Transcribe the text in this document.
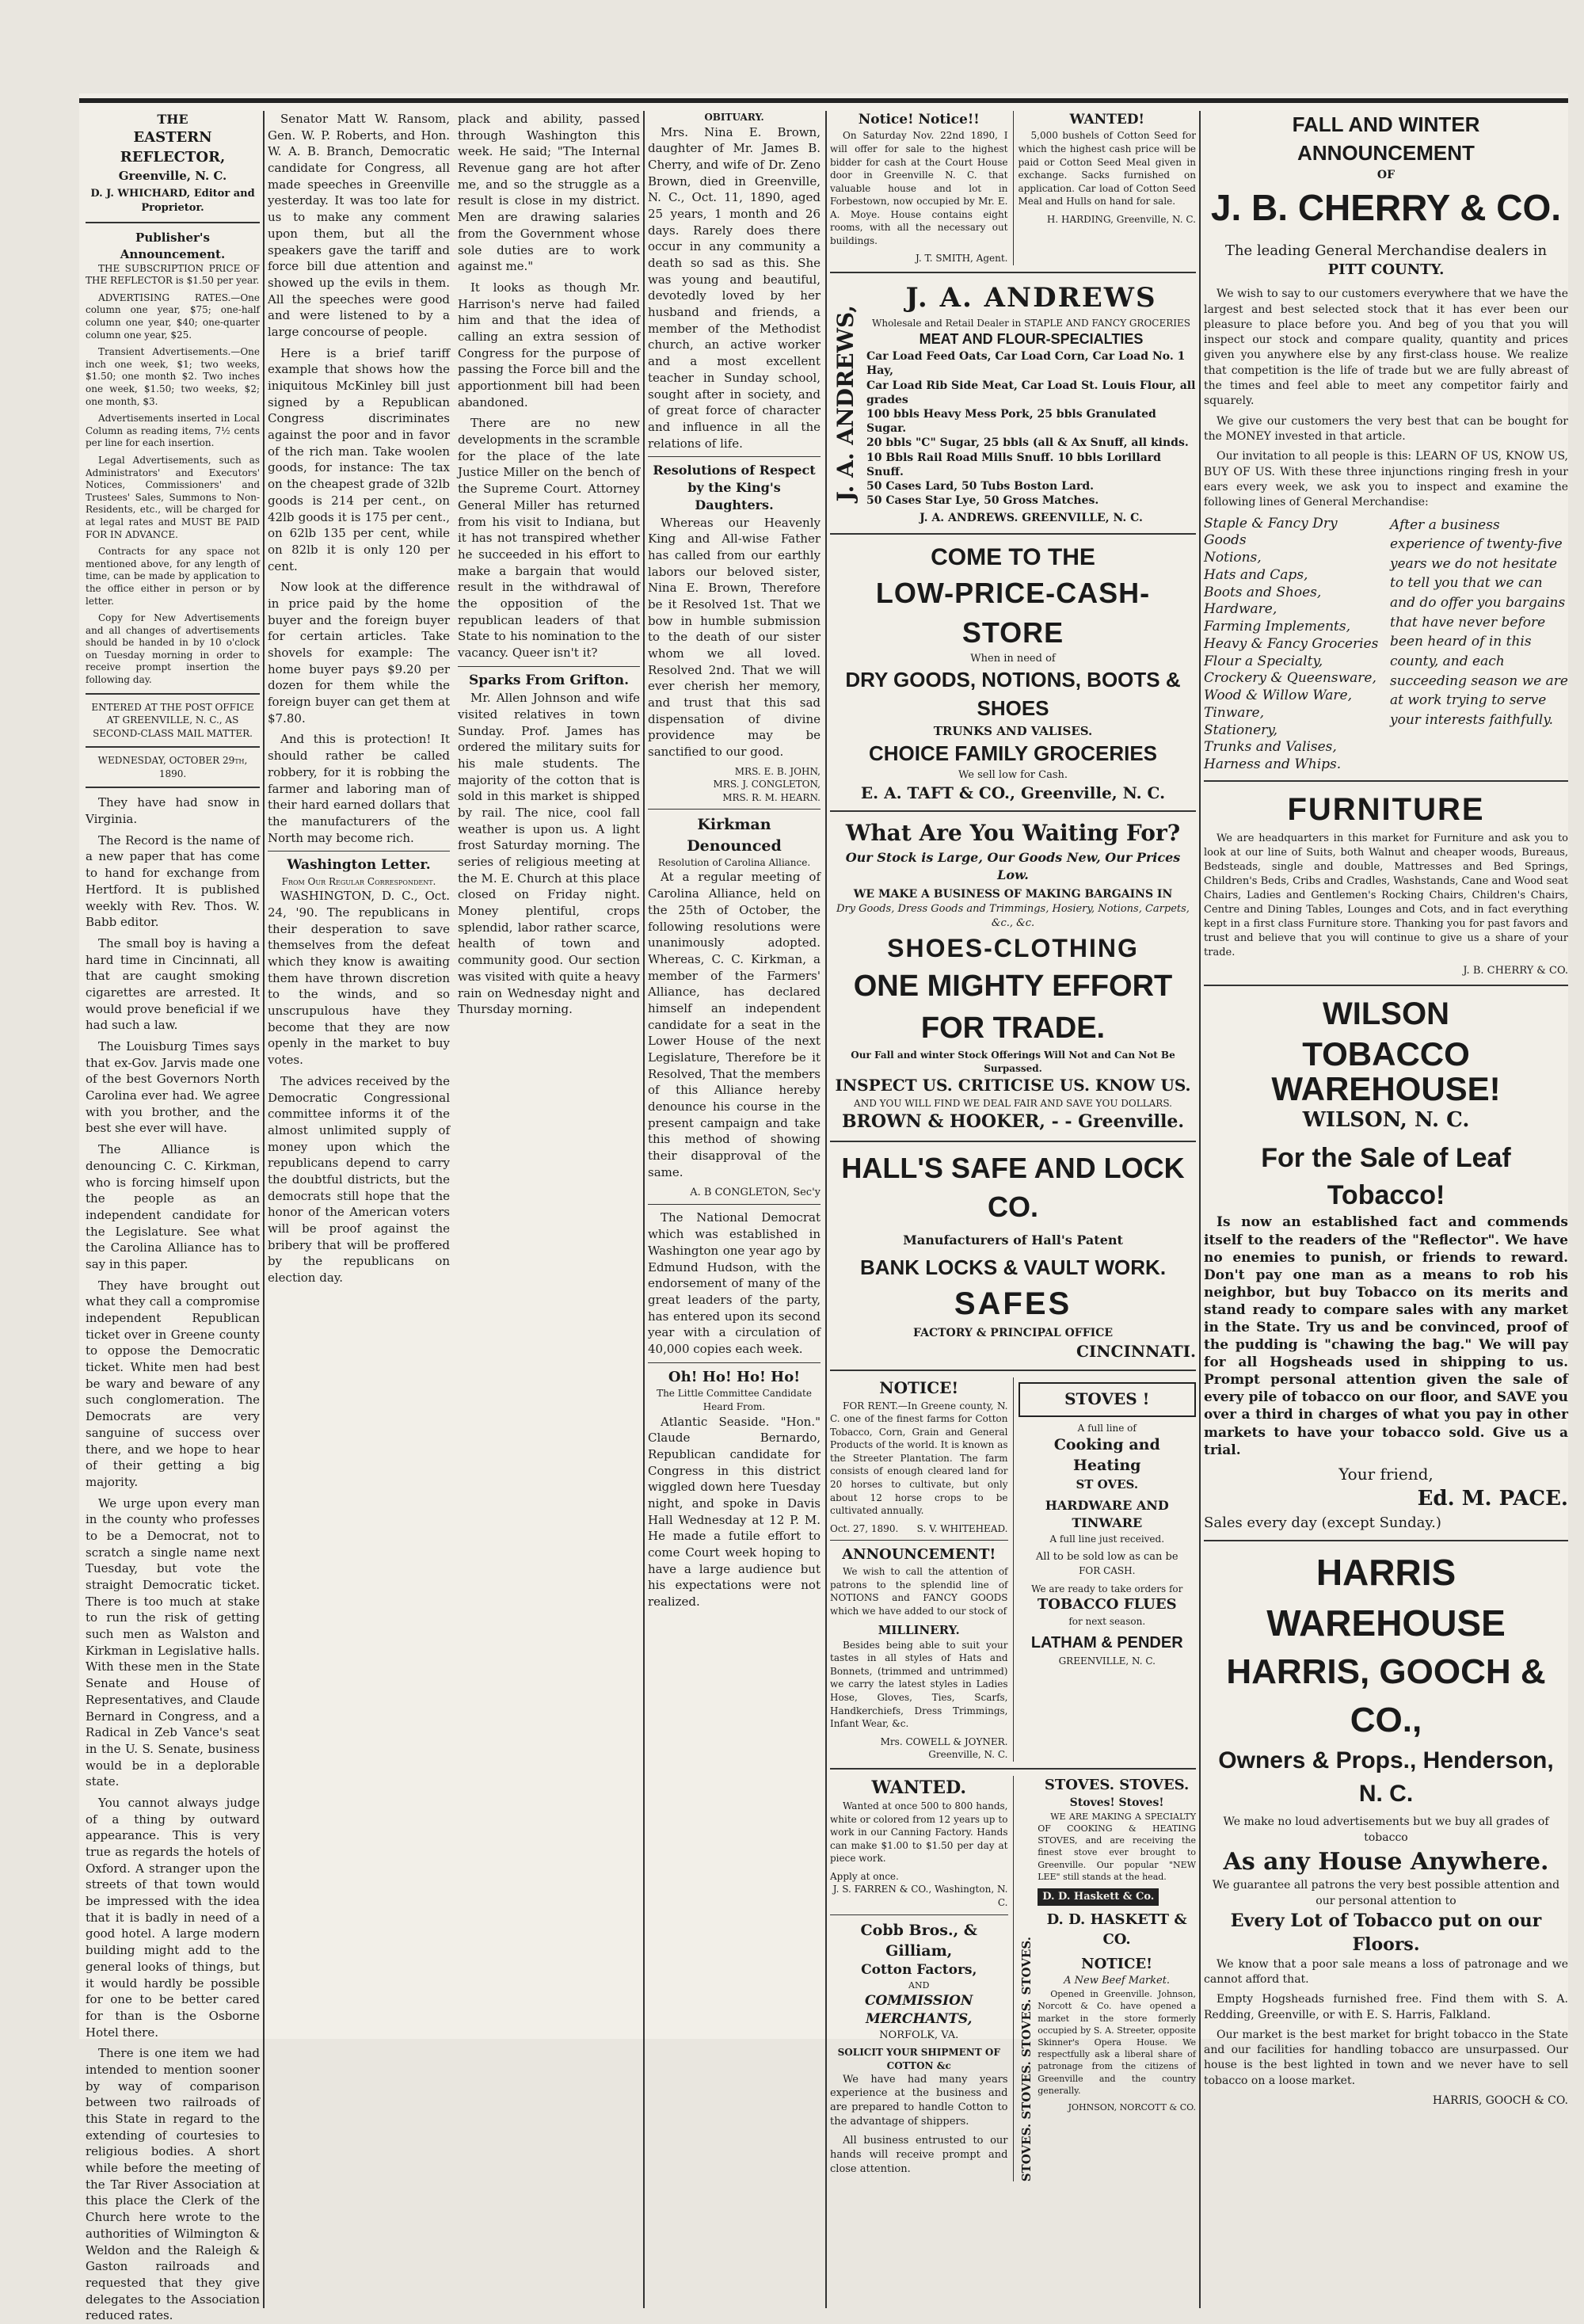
THE
EASTERN REFLECTOR,
Greenville, N. C.
D. J. WHICHARD, Editor and Proprietor.
Publisher's Announcement.

THE SUBSCRIPTION PRICE OF THE REFLECTOR is $1.50 per year.

ADVERTISING RATES.—One column one year, $75; one-half column one year, $40; one-quarter column one year, $25.

Transient Advertisements.—One inch one week, $1; two weeks, $1.50; one month $2. Two inches one week, $1.50; two weeks, $2; one month, $3.

Advertisements inserted in Local Column as reading items, 7½ cents per line for each insertion.

Legal Advertisements, such as Administrators' and Executors' Notices, Commissioners' and Trustees' Sales, Summons to Non-Residents, etc., will be charged for at legal rates and MUST BE PAID FOR IN ADVANCE.

Contracts for any space not mentioned above, for any length of time, can be made by application to the office either in person or by letter.

Copy for New Advertisements and all changes of advertisements should be handed in by 10 o'clock on Tuesday morning in order to receive prompt insertion the following day.

ENTERED AT THE POST OFFICE AT GREENVILLE, N. C., AS SECOND-CLASS MAIL MATTER.
WEDNESDAY, OCTOBER 29th, 1890.

They have had snow in Virginia.

The Record is the name of a new paper that has come to hand for exchange from Hertford. It is published weekly with Rev. Thos. W. Babb editor.

The small boy is having a hard time in Cincinnati, all that are caught smoking cigarettes are arrested. It would prove beneficial if we had such a law.

The Louisburg Times says that ex-Gov. Jarvis made one of the best Governors North Carolina ever had. We agree with you brother, and the best she ever will have.

The Alliance is denouncing C. C. Kirkman, who is forcing himself upon the people as an independent candidate for the Legislature. See what the Carolina Alliance has to say in this paper.

They have brought out what they call a compromise independent Republican ticket over in Greene county to oppose the Democratic ticket. White men had best be wary and beware of any such conglomeration. The Democrats are very sanguine of success over there, and we hope to hear of their getting a big majority.

We urge upon every man in the county who professes to be a Democrat, not to scratch a single name next Tuesday, but vote the straight Democratic ticket. There is too much at stake to run the risk of getting such men as Walston and Kirkman in Legislative halls. With these men in the State Senate and House of Representatives, and Claude Bernard in Congress, and a Radical in Zeb Vance's seat in the U. S. Senate, business would be in a deplorable state.

You cannot always judge of a thing by outward appearance. This is very true as regards the hotels of Oxford. A stranger upon the streets of that town would be impressed with the idea that it is badly in need of a good hotel. A large modern building might add to the general looks of things, but it would hardly be possible for one to be better cared for than is the Osborne Hotel there.

There is one item we had intended to mention sooner by way of comparison between two railroads of this State in regard to the extending of courtesies to religious bodies. A short while before the meeting of the Tar River Association at this place the Clerk of the Church here wrote to the authorities of Wilmington & Weldon and the Raleigh & Gaston railroads and requested that they give delegates to the Association reduced rates.

Senator Matt W. Ransom, Gen. W. P. Roberts, and Hon. W. A. B. Branch, Democratic candidate for Congress, all made speeches in Greenville yesterday. It was too late for us to make any comment upon them, but all the speakers gave the tariff and force bill due attention and showed up the evils in them. All the speeches were good and were listened to by a large concourse of people.

Here is a brief tariff example that shows how the iniquitous McKinley bill just signed by a Republican Congress discriminates against the poor and in favor of the rich man. Take woolen goods, for instance: The tax on the cheapest grade of 32lb goods is 214 per cent., on 42lb goods it is 175 per cent., on 62lb 135 per cent, while on 82lb it is only 120 per cent.

Now look at the difference in price paid by the home buyer and the foreign buyer for certain articles. Take shovels for example: The home buyer pays $9.20 per dozen for them while the foreign buyer can get them at $7.80.

And this is protection! It should rather be called robbery, for it is robbing the farmer and laboring man of their hard earned dollars that the manufacturers of the North may become rich.

Washington Letter.
From Our Regular Correspondent.

WASHINGTON, D. C., Oct. 24, '90. The republicans in their desperation to save themselves from the defeat which they know is awaiting them have thrown discretion to the winds, and so unscrupulous have they become that they are now openly in the market to buy votes.

The advices received by the Democratic Congressional committee informs it of the almost unlimited supply of money upon which the republicans depend to carry the doubtful districts, but the democrats still hope that the honor of the American voters will be proof against the bribery that will be proffered by the republicans on election day.

plack and ability, passed through Washington this week. He said; "The Internal Revenue gang are hot after me, and so the struggle as a result is close in my district. Men are drawing salaries from the Government whose sole duties are to work against me."

It looks as though Mr. Harrison's nerve had failed him and that the idea of calling an extra session of Congress for the purpose of passing the Force bill and the apportionment bill had been abandoned.

There are no new developments in the scramble for the place of the late Justice Miller on the bench of the Supreme Court. Attorney General Miller has returned from his visit to Indiana, but it has not transpired whether he succeeded in his effort to make a bargain that would result in the withdrawal of the opposition of the republican leaders of that State to his nomination to the vacancy. Queer isn't it?

Sparks From Grifton.

Mr. Allen Johnson and wife visited relatives in town Sunday. Prof. James has ordered the military suits for his male students. The majority of the cotton that is sold in this market is shipped by rail. The nice, cool fall weather is upon us. A light frost Saturday morning. The series of religious meeting at the M. E. Church at this place closed on Friday night. Money plentiful, crops splendid, labor rather scarce, health of town and community good. Our section was visited with quite a heavy rain on Wednesday night and Thursday morning.

OBITUARY.

Mrs. Nina E. Brown, daughter of Mr. James B. Cherry, and wife of Dr. Zeno Brown, died in Greenville, N. C., Oct. 11, 1890, aged 25 years, 1 month and 26 days. Rarely does there occur in any community a death so sad as this. She was young and beautiful, devotedly loved by her husband and friends, a member of the Methodist church, an active worker and a most excellent teacher in Sunday school, sought after in society, and of great force of character and influence in all the relations of life.

Resolutions of Respect by the King's Daughters.

Whereas our Heavenly King and All-wise Father has called from our earthly labors our beloved sister, Nina E. Brown, Therefore be it Resolved 1st. That we bow in humble submission to the death of our sister whom we all loved. Resolved 2nd. That we will ever cherish her memory, and trust that this sad dispensation of divine providence may be sanctified to our good.

MRS. E. B. JOHN,
MRS. J. CONGLETON,
MRS. R. M. HEARN.
Kirkman Denounced
Resolution of Carolina Alliance.

At a regular meeting of Carolina Alliance, held on the 25th of October, the following resolutions were unanimously adopted. Whereas, C. C. Kirkman, a member of the Farmers' Alliance, has declared himself an independent candidate for a seat in the Lower House of the next Legislature, Therefore be it Resolved, That the members of this Alliance hereby denounce his course in the present campaign and take this method of showing their disapproval of the same.

A. B CONGLETON, Sec'y

The National Democrat which was established in Washington one year ago by Edmund Hudson, with the endorsement of many of the great leaders of the party, has entered upon its second year with a circulation of 40,000 copies each week.

Oh! Ho! Ho! Ho!
The Little Committee Candidate Heard From.

Atlantic Seaside. "Hon." Claude Bernardo, Republican candidate for Congress in this district wiggled down here Tuesday night, and spoke in Davis Hall Wednesday at 12 P. M. He made a futile effort to come Court week hoping to have a large audience but his expectations were not realized.

Notice! Notice!!

On Saturday Nov. 22nd 1890, I will offer for sale to the highest bidder for cash at the Court House door in Greenville N. C. that valuable house and lot in Forbestown, now occupied by Mr. E. A. Moye. House contains eight rooms, with all the necessary out buildings.

J. T. SMITH, Agent.
WANTED!

5,000 bushels of Cotton Seed for which the highest cash price will be paid or Cotton Seed Meal given in exchange. Sacks furnished on application. Car load of Cotton Seed Meal and Hulls on hand for sale.

H. HARDING, Greenville, N. C.
J. A. ANDREWS,
J. A. ANDREWS
Wholesale and Retail Dealer in STAPLE AND FANCY GROCERIES
MEAT AND FLOUR-SPECIALTIES
Car Load Feed Oats, Car Load Corn, Car Load No. 1 Hay,
Car Load Rib Side Meat, Car Load St. Louis Flour, all grades
100 bbls Heavy Mess Pork, 25 bbls Granulated Sugar.
20 bbls "C" Sugar, 25 bbls (all & Ax Snuff, all kinds.
10 Bbls Rail Road Mills Snuff. 10 bbls Lorillard Snuff.
50 Cases Lard, 50 Tubs Boston Lard.
50 Cases Star Lye, 50 Gross Matches.
J. A. ANDREWS. GREENVILLE, N. C.
COME TO THE
LOW-PRICE-CASH-STORE
When in need of
DRY GOODS, NOTIONS, BOOTS & SHOES
TRUNKS AND VALISES.
CHOICE FAMILY GROCERIES
We sell low for Cash.
E. A. TAFT & CO., Greenville, N. C.
What Are You Waiting For?
Our Stock is Large, Our Goods New, Our Prices Low.
WE MAKE A BUSINESS OF MAKING BARGAINS IN
Dry Goods, Dress Goods and Trimmings, Hosiery, Notions, Carpets, &c., &c.
SHOES-CLOTHING
ONE MIGHTY EFFORT FOR TRADE.
Our Fall and winter Stock Offerings Will Not and Can Not Be Surpassed.
INSPECT US. CRITICISE US. KNOW US.
AND YOU WILL FIND WE DEAL FAIR AND SAVE YOU DOLLARS.
BROWN & HOOKER, - - Greenville.
HALL'S SAFE AND LOCK CO.
Manufacturers of Hall's Patent
BANK LOCKS & VAULT WORK.
SAFES
FACTORY & PRINCIPAL OFFICE
CINCINNATI.
NOTICE!

FOR RENT.—In Greene county, N. C. one of the finest farms for Cotton Tobacco, Corn, Grain and General Products of the world. It is known as the Streeter Plantation. The farm consists of enough cleared land for 20 horses to cultivate, but only about 12 horse crops to be cultivated annually.

Oct. 27, 1890. S. V. WHITEHEAD.
ANNOUNCEMENT!

We wish to call the attention of patrons to the splendid line of NOTIONS and FANCY GOODS which we have added to our stock of

MILLINERY.

Besides being able to suit your tastes in all styles of Hats and Bonnets, (trimmed and untrimmed) we carry the latest styles in Ladies Hose, Gloves, Ties, Scarfs, Handkerchiefs, Dress Trimmings, Infant Wear, &c.

Mrs. COWELL & JOYNER. Greenville, N. C.
STOVES !
A full line of
Cooking and Heating
ST OVES.
HARDWARE AND TINWARE
A full line just received.
All to be sold low as can be
FOR CASH.
We are ready to take orders for
TOBACCO FLUES
for next season.
LATHAM & PENDER
GREENVILLE, N. C.
WANTED.

Wanted at once 500 to 800 hands, white or colored from 12 years up to work in our Canning Factory. Hands can make $1.00 to $1.50 per day at piece work.

Apply at once.
J. S. FARREN & CO., Washington, N. C.
Cobb Bros., & Gilliam,
Cotton Factors,
AND
COMMISSION MERCHANTS,
NORFOLK, VA.
SOLICIT YOUR SHIPMENT OF COTTON &c

We have had many years experience at the business and are prepared to handle Cotton to the advantage of shippers.

All business entrusted to our hands will receive prompt and close attention.	STOVES. STOVES. STOVES. STOVES.
STOVES. STOVES.
Stoves! Stoves!

WE ARE MAKING A SPECIALTY OF COOKING & HEATING STOVES, and are receiving the finest stove ever brought to Greenville. Our popular "NEW LEE" still stands at the head.

D. D. Haskett & Co.
D. D. HASKETT & CO.
NOTICE!
A New Beef Market.

Opened in Greenville. Johnson, Norcott & Co. have opened a market in the store formerly occupied by S. A. Streeter, opposite Skinner's Opera House. We respectfully ask a liberal share of patronage from the citizens of Greenville and the country generally.

JOHNSON, NORCOTT & CO.
FALL AND WINTER ANNOUNCEMENT
OF
J. B. CHERRY & CO.
The leading General Merchandise dealers in
PITT COUNTY.

We wish to say to our customers everywhere that we have the largest and best selected stock that it has ever been our pleasure to place before you. And beg of you that you will inspect our stock and compare quality, quantity and prices given you anywhere else by any first-class house. We realize that competition is the life of trade but we are fully abreast of the times and feel able to meet any competitor fairly and squarely.

We give our customers the very best that can be bought for the MONEY invested in that article.

Our invitation to all people is this: LEARN OF US, KNOW US, BUY OF US. With these three injunctions ringing fresh in your ears every week, we ask you to inspect and examine the following lines of General Merchandise:

Staple & Fancy Dry Goods
Notions,
Hats and Caps,
Boots and Shoes,
Hardware,
Farming Implements,
Heavy & Fancy Groceries
Flour a Specialty,
Crockery & Queensware,
Wood & Willow Ware,
Tinware,
Stationery,
Trunks and Valises,
Harness and Whips.
After a business experience of twenty-five years we do not hesitate to tell you that we can and do offer you bargains that have never before been heard of in this county, and each succeeding season we are at work trying to serve your interests faithfully.
FURNITURE

We are headquarters in this market for Furniture and ask you to look at our line of Suits, both Walnut and cheaper woods, Bureaus, Bedsteads, single and double, Mattresses and Bed Springs, Children's Beds, Cribs and Cradles, Washstands, Cane and Wood seat Chairs, Ladies and Gentlemen's Rocking Chairs, Children's Chairs, Centre and Dining Tables, Lounges and Cots, and in fact everything kept in a first class Furniture store. Thanking you for past favors and trust and believe that you will continue to give us a share of your trade.

J. B. CHERRY & CO.
WILSON
TOBACCO WAREHOUSE!
WILSON, N. C.
For the Sale of Leaf Tobacco!

Is now an established fact and commends itself to the readers of the "Reflector". We have no enemies to punish, or friends to reward. Don't pay one man as a means to rob his neighbor, but buy Tobacco on its merits and stand ready to compare sales with any market in the State. Try us and be convinced, proof of the pudding is "chawing the bag." We will pay for all Hogsheads used in shipping to us. Prompt personal attention given the sale of every pile of tobacco on our floor, and SAVE you over a third in charges of what you pay in other markets to have your tobacco sold. Give us a trial.

Your friend,
Ed. M. PACE.
Sales every day (except Sunday.)
HARRIS WAREHOUSE
HARRIS, GOOCH & CO.,
Owners & Props., Henderson, N. C.
We make no loud advertisements but we buy all grades of tobacco
As any House Anywhere.
We guarantee all patrons the very best possible attention and our personal attention to
Every Lot of Tobacco put on our Floors.

We know that a poor sale means a loss of patronage and we cannot afford that.

Empty Hogsheads furnished free. Find them with S. A. Redding, Greenville, or with E. S. Harris, Falkland.

Our market is the best market for bright tobacco in the State and our facilities for handling tobacco are unsurpassed. Our house is the best lighted in town and we never have to sell tobacco on a loose market.

HARRIS, GOOCH & CO.
